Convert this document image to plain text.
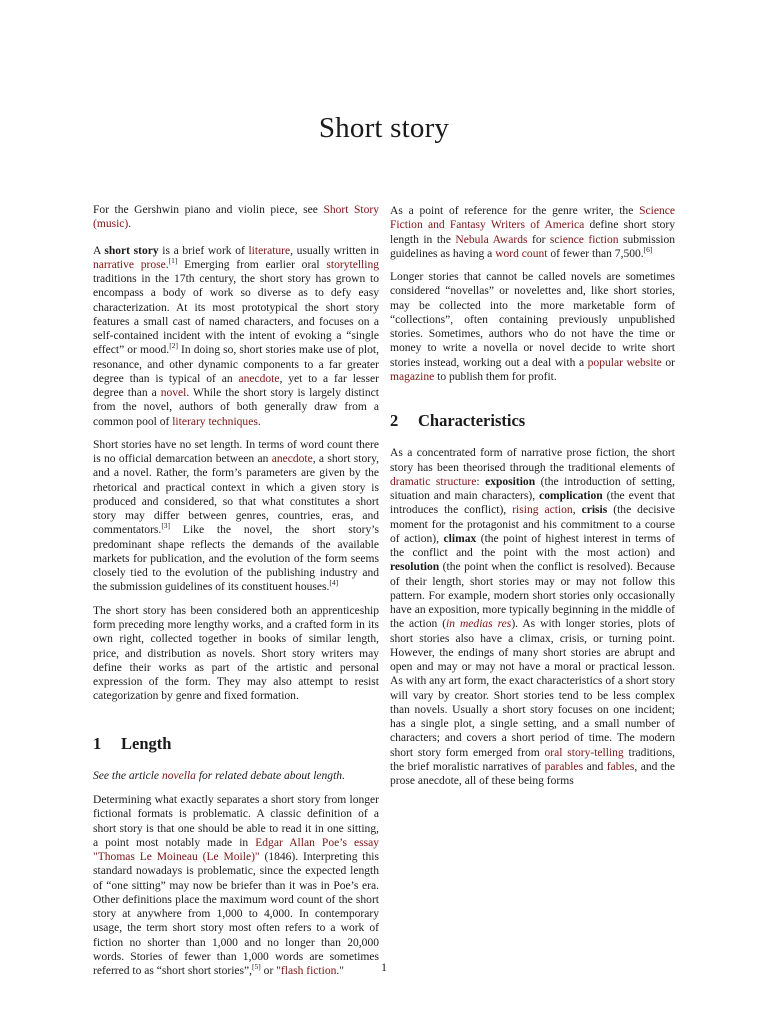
Short story

For the Gershwin piano and violin piece, see Short Story (music).

A short story is a brief work of literature, usually written in narrative prose.[1] Emerging from earlier oral storytelling traditions in the 17th century, the short story has grown to encompass a body of work so diverse as to defy easy characterization. At its most prototypical the short story features a small cast of named characters, and focuses on a self-contained incident with the intent of evoking a “single effect” or mood.[2] In doing so, short stories make use of plot, resonance, and other dynamic components to a far greater degree than is typical of an anecdote, yet to a far lesser degree than a novel. While the short story is largely distinct from the novel, authors of both generally draw from a common pool of literary techniques.

Short stories have no set length. In terms of word count there is no official demarcation between an anecdote, a short story, and a novel. Rather, the form’s parameters are given by the rhetorical and practical context in which a given story is produced and considered, so that what constitutes a short story may differ between genres, countries, eras, and commentators.[3] Like the novel, the short story’s predominant shape reflects the demands of the available markets for publication, and the evolution of the form seems closely tied to the evolution of the publishing industry and the submission guidelines of its constituent houses.[4]

The short story has been considered both an apprenticeship form preceding more lengthy works, and a crafted form in its own right, collected together in books of similar length, price, and distribution as novels. Short story writers may define their works as part of the artistic and personal expression of the form. They may also attempt to resist categorization by genre and fixed formation.

1 Length

See the article novella for related debate about length.

Determining what exactly separates a short story from longer fictional formats is problematic. A classic definition of a short story is that one should be able to read it in one sitting, a point most notably made in Edgar Allan Poe’s essay "Thomas Le Moineau (Le Moile)" (1846). Interpreting this standard nowadays is problematic, since the expected length of “one sitting” may now be briefer than it was in Poe’s era. Other definitions place the maximum word count of the short story at anywhere from 1,000 to 4,000. In contemporary usage, the term short story most often refers to a work of fiction no shorter than 1,000 and no longer than 20,000 words. Stories of fewer than 1,000 words are sometimes referred to as “short short stories”,[5] or "flash fiction."

As a point of reference for the genre writer, the Science Fiction and Fantasy Writers of America define short story length in the Nebula Awards for science fiction submission guidelines as having a word count of fewer than 7,500.[6]

Longer stories that cannot be called novels are sometimes considered “novellas” or novelettes and, like short stories, may be collected into the more marketable form of “collections”, often containing previously unpublished stories. Sometimes, authors who do not have the time or money to write a novella or novel decide to write short stories instead, working out a deal with a popular website or magazine to publish them for profit.

2 Characteristics

As a concentrated form of narrative prose fiction, the short story has been theorised through the traditional elements of dramatic structure: exposition (the introduction of setting, situation and main characters), complication (the event that introduces the conflict), rising action, crisis (the decisive moment for the protagonist and his commitment to a course of action), climax (the point of highest interest in terms of the conflict and the point with the most action) and resolution (the point when the conflict is resolved). Because of their length, short stories may or may not follow this pattern. For example, modern short stories only occasionally have an exposition, more typically beginning in the middle of the action (in medias res). As with longer stories, plots of short stories also have a climax, crisis, or turning point. However, the endings of many short stories are abrupt and open and may or may not have a moral or practical lesson. As with any art form, the exact characteristics of a short story will vary by creator. Short stories tend to be less complex than novels. Usually a short story focuses on one incident; has a single plot, a single setting, and a small number of characters; and covers a short period of time. The modern short story form emerged from oral story-telling traditions, the brief moralistic narratives of parables and fables, and the prose anecdote, all of these being forms

1
